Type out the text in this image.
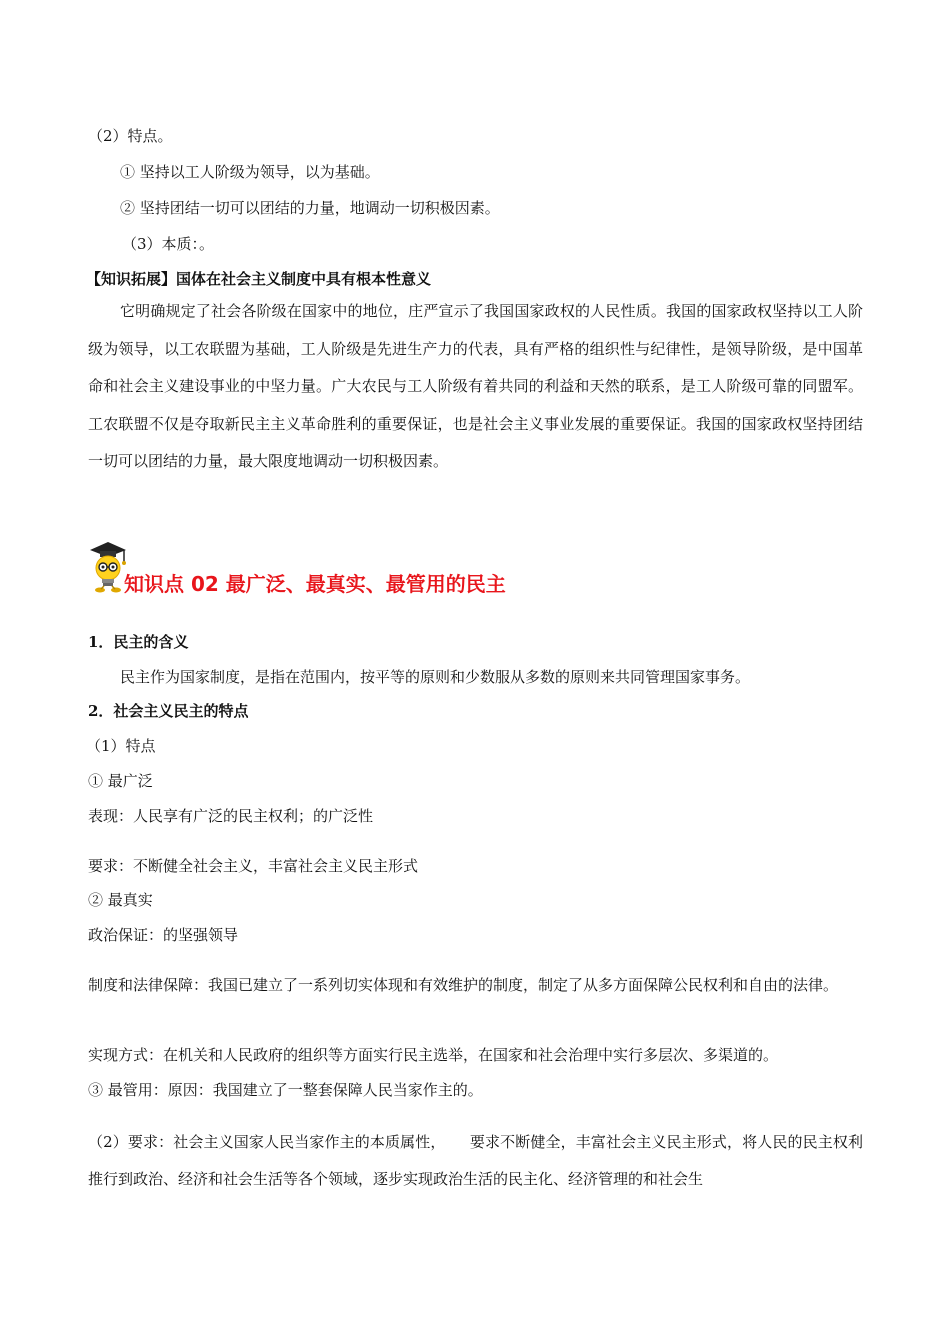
（2）特点。
① 坚持以工人阶级为领导，以为基础。
② 坚持团结一切可以团结的力量，地调动一切积极因素。
（3）本质：。
【知识拓展】国体在社会主义制度中具有根本性意义
它明确规定了社会各阶级在国家中的地位，庄严宣示了我国国家政权的人民性质。我国的国家政权坚持以工人阶级为领导，以工农联盟为基础，工人阶级是先进生产力的代表，具有严格的组织性与纪律性，是领导阶级，是中国革命和社会主义建设事业的中坚力量。广大农民与工人阶级有着共同的利益和天然的联系，是工人阶级可靠的同盟军。工农联盟不仅是夺取新民主主义革命胜利的重要保证，也是社会主义事业发展的重要保证。我国的国家政权坚持团结一切可以团结的力量，最大限度地调动一切积极因素。
知识点 02 最广泛、最真实、最管用的民主
1．民主的含义
民主作为国家制度，是指在范围内，按平等的原则和少数服从多数的原则来共同管理国家事务。
2．社会主义民主的特点
（1）特点
① 最广泛
表现：人民享有广泛的民主权利；的广泛性
要求：不断健全社会主义，丰富社会主义民主形式
② 最真实
政治保证：的坚强领导
制度和法律保障：我国已建立了一系列切实体现和有效维护的制度，制定了从多方面保障公民权利和自由的法律。
实现方式：在机关和人民政府的组织等方面实行民主选举，在国家和社会治理中实行多层次、多渠道的。
③ 最管用：原因：我国建立了一整套保障人民当家作主的。
（2）要求：社会主义国家人民当家作主的本质属性，     要求不断健全，丰富社会主义民主形式，将人民的民主权利推行到政治、经济和社会生活等各个领域，逐步实现政治生活的民主化、经济管理的和社会生
